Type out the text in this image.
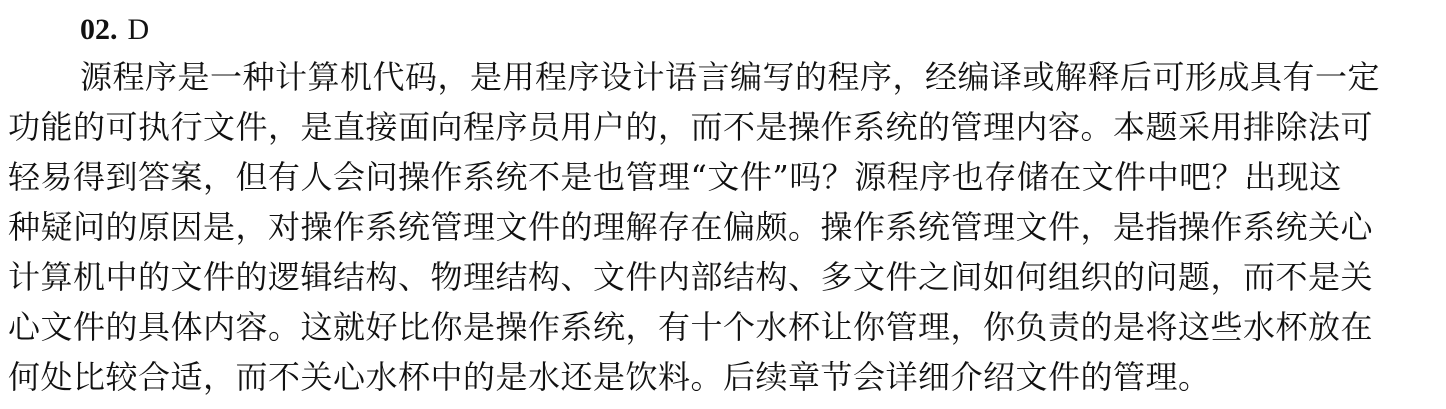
02. D
源程序是一种计算机代码，是用程序设计语言编写的程序，经编译或解释后可形成具有一定
功能的可执行文件，是直接面向程序员用户的，而不是操作系统的管理内容。本题采用排除法可
轻易得到答案，但有人会问操作系统不是也管理“文件”吗？源程序也存储在文件中吧？出现这
种疑问的原因是，对操作系统管理文件的理解存在偏颇。操作系统管理文件，是指操作系统关心
计算机中的文件的逻辑结构、物理结构、文件内部结构、多文件之间如何组织的问题，而不是关
心文件的具体内容。这就好比你是操作系统，有十个水杯让你管理，你负责的是将这些水杯放在
何处比较合适，而不关心水杯中的是水还是饮料。后续章节会详细介绍文件的管理。
